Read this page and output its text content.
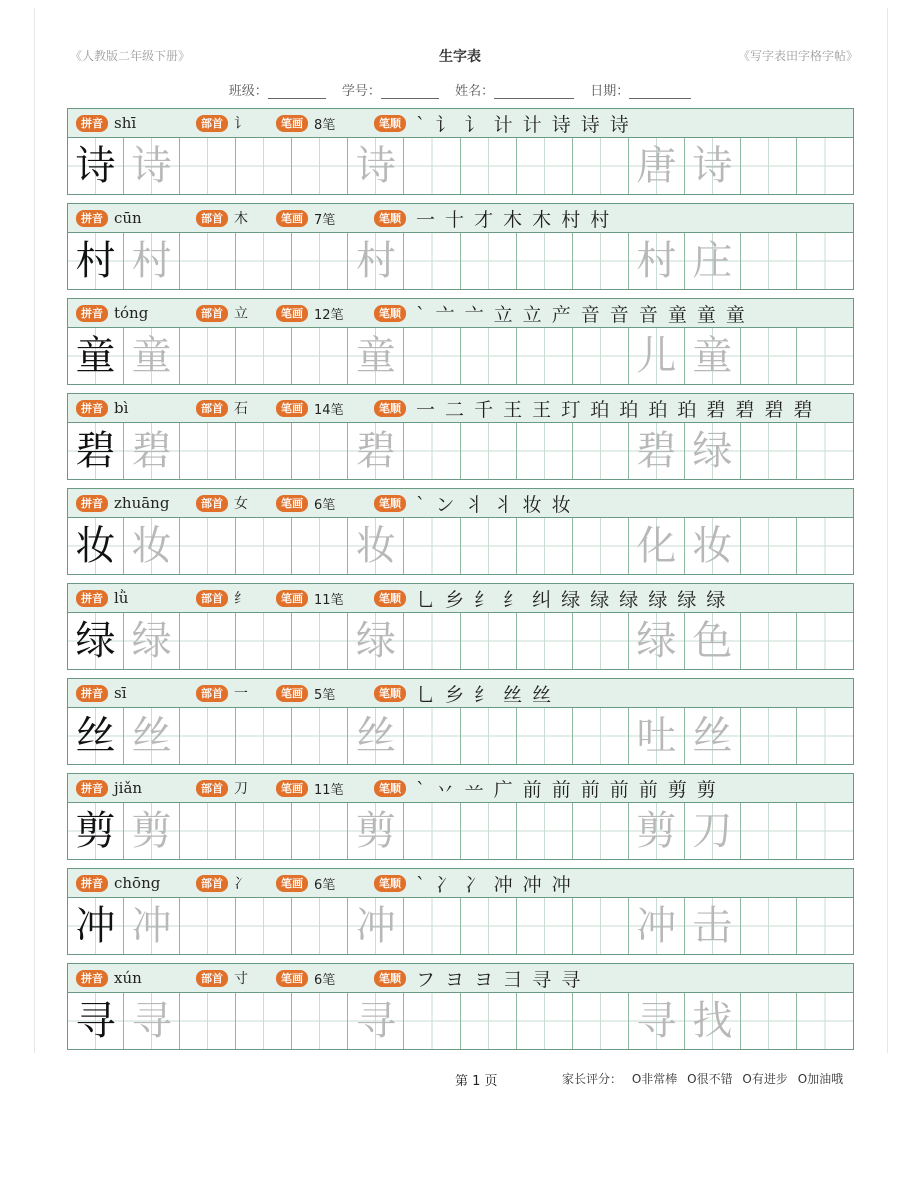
《人教版二年级下册》	生字表	《写字表田字格字帖》
班级：	学号：	姓名：	日期：
拼音 shī	部首 讠	笔画 8笔	笔顺 ` 讠 讠 计 计 诗 诗 诗
诗 诗	诗	唐 诗
拼音 cūn	部首 木	笔画 7笔	笔顺 一 十 才 木 木 村 村
村 村	村	村 庄
拼音 tóng	部首 立	笔画 12笔	笔顺 ` 亠 亠 立 立 产 音 音 音 童 童 童
童 童	童	儿 童
拼音 bì	部首 石	笔画 14笔	笔顺 一 二 千 王 王 玎 珀 珀 珀 珀 碧 碧 碧 碧
碧 碧	碧	碧 绿
拼音 zhuāng	部首 女	笔画 6笔	笔顺 ` ン 丬 丬 妆 妆
妆 妆	妆	化 妆
拼音 lǜ	部首 纟	笔画 11笔	笔顺 乚 乡 纟 纟 纠 绿 绿 绿 绿 绿 绿
绿 绿	绿	绿 色
拼音 sī	部首 一	笔画 5笔	笔顺 乚 乡 纟 丝 丝
丝 丝	丝	吐 丝
拼音 jiǎn	部首 刀	笔画 11笔	笔顺 ` 丷 䒑 广 前 前 前 前 前 剪 剪
剪 剪	剪	剪 刀
拼音 chōng	部首 冫	笔画 6笔	笔顺 ` 冫 冫 冲 冲 冲
冲 冲	冲	冲 击
拼音 xún	部首 寸	笔画 6笔	笔顺 フ ヨ ヨ 彐 寻 寻
寻 寻	寻	寻 找
第 1 页	家长评分： O非常棒 O很不错 O有进步 O加油哦
